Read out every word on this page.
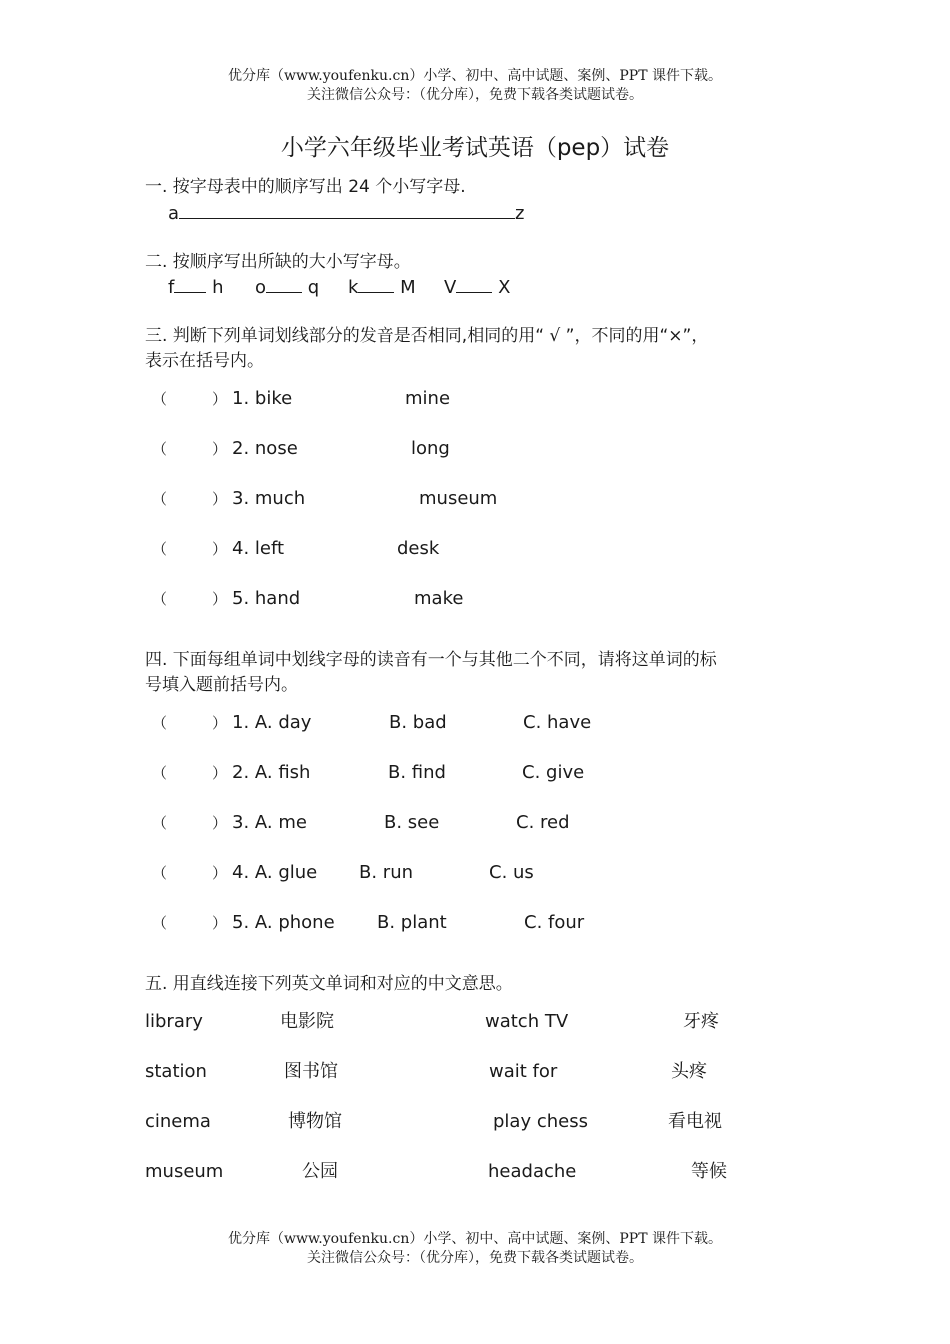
优分库（www.youfenku.cn）小学、初中、高中试题、案例、PPT 课件下载。
关注微信公众号：（优分库），免费下载各类试题试卷。
小学六年级毕业考试英语（pep）试卷
一. 按字母表中的顺序写出 24 个小写字母.
a	z
二. 按顺序写出所缺的大小写字母。
f h o q k M V X
三. 判断下列单词划线部分的发音是否相同,相同的用“ √ ”，不同的用“×”，
表示在括号内。
（	） 1. bike	mine
（	） 2. nose	long
（	） 3. much	museum
（	） 4. left	desk
（	） 5. hand	make
四. 下面每组单词中划线字母的读音有一个与其他二个不同，请将这单词的标
号填入题前括号内。
（	） 1. A. day	B. bad	C. have
（	） 2. A. fish	B. find	C. give
（	） 3. A. me	B. see	C. red
（	） 4. A. glue B. run	C. us
（	） 5. A. phone B. plant	C. four
五. 用直线连接下列英文单词和对应的中文意思。
library	电影院	watch TV	牙疼
station	图书馆	wait for	头疼
cinema	博物馆	play chess	看电视
museum	公园	headache	等候
优分库（www.youfenku.cn）小学、初中、高中试题、案例、PPT 课件下载。
关注微信公众号：（优分库），免费下载各类试题试卷。
